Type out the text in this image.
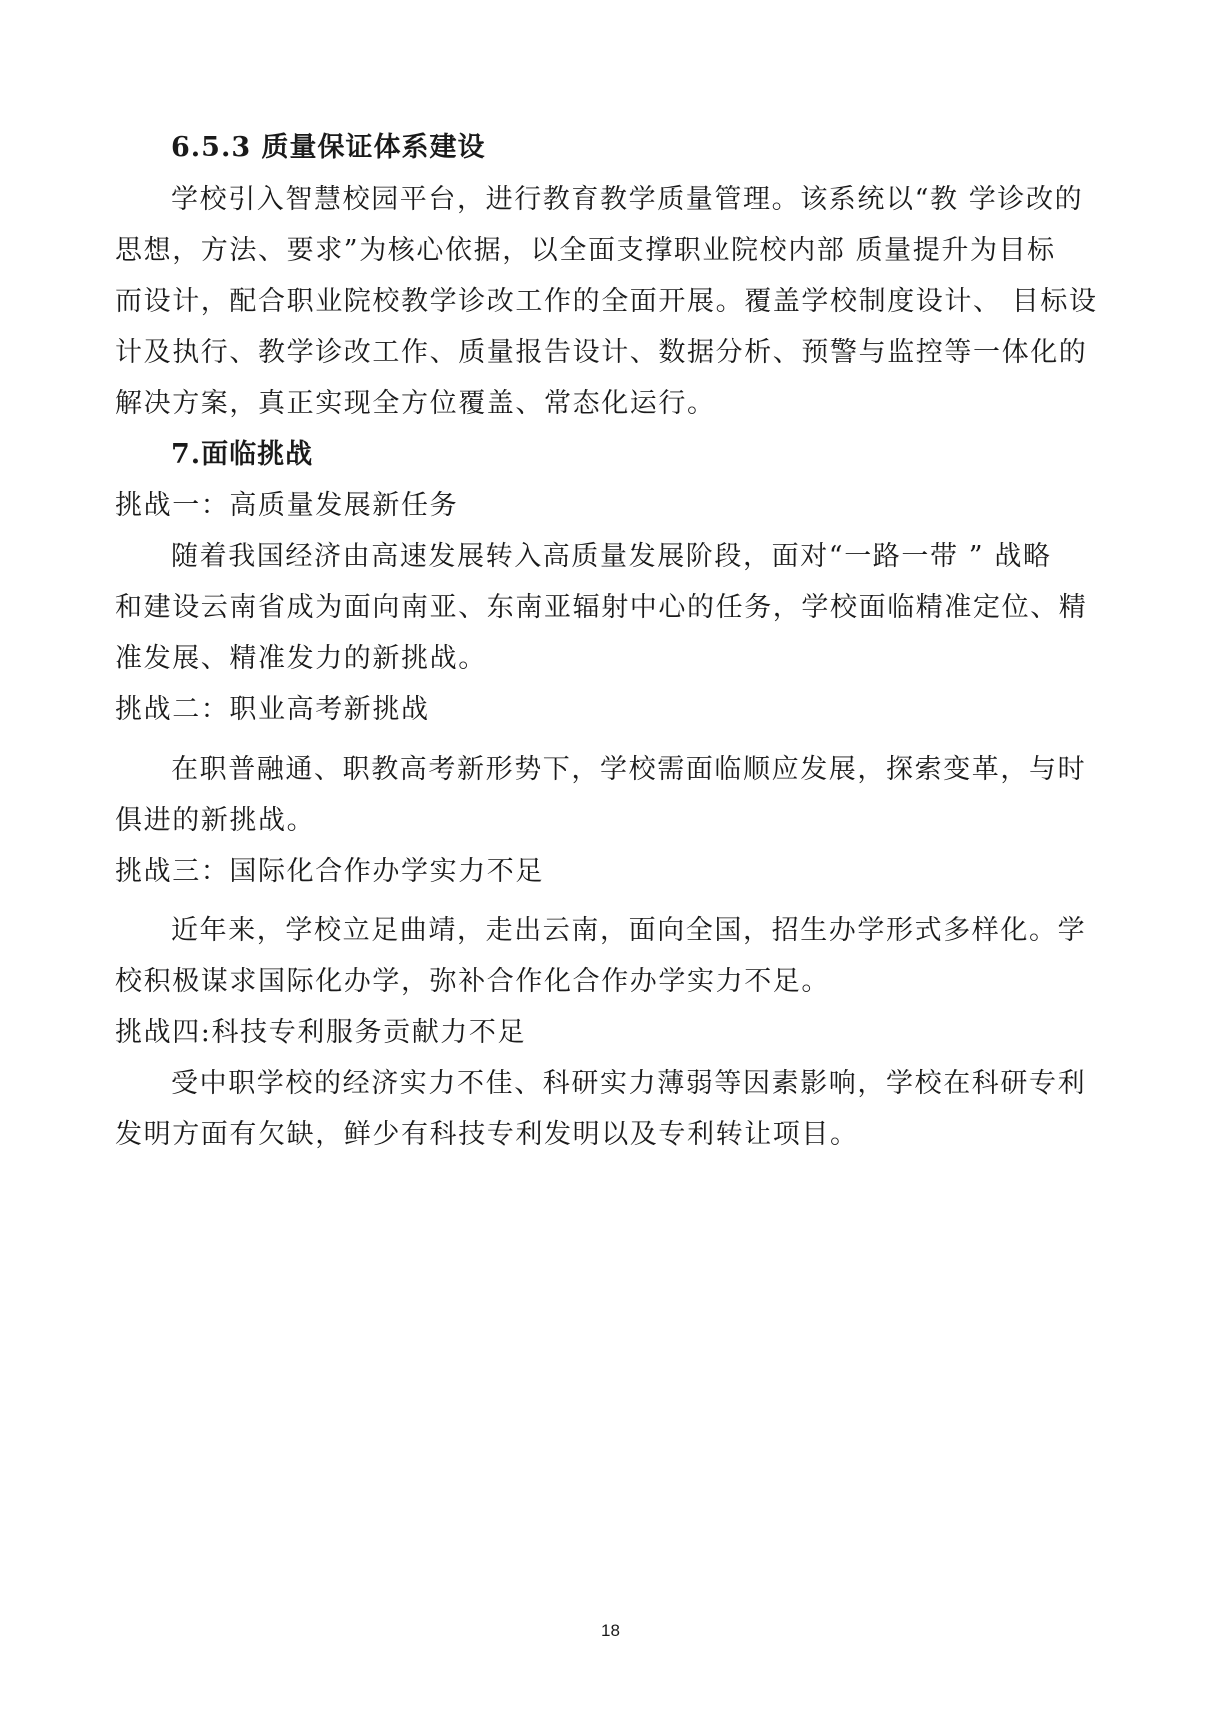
6.5.3 质量保证体系建设
学校引入智慧校园平台，进行教育教学质量管理。该系统以“教 学诊改的
思想，方法、要求”为核心依据，以全面支撑职业院校内部 质量提升为目标
而设计，配合职业院校教学诊改工作的全面开展。覆盖学校制度设计、 目标设
计及执行、教学诊改工作、质量报告设计、数据分析、预警与监控等一体化的
解决方案，真正实现全方位覆盖、常态化运行。
7.面临挑战
挑战一：高质量发展新任务
随着我国经济由高速发展转入高质量发展阶段，面对“一路一带 ” 战略
和建设云南省成为面向南亚、东南亚辐射中心的任务，学校面临精准定位、精
准发展、精准发力的新挑战。
挑战二：职业高考新挑战
在职普融通、职教高考新形势下，学校需面临顺应发展，探索变革，与时
俱进的新挑战。
挑战三：国际化合作办学实力不足
近年来，学校立足曲靖，走出云南，面向全国，招生办学形式多样化。学
校积极谋求国际化办学，弥补合作化合作办学实力不足。
挑战四:科技专利服务贡献力不足
受中职学校的经济实力不佳、科研实力薄弱等因素影响，学校在科研专利
发明方面有欠缺，鲜少有科技专利发明以及专利转让项目。
18
